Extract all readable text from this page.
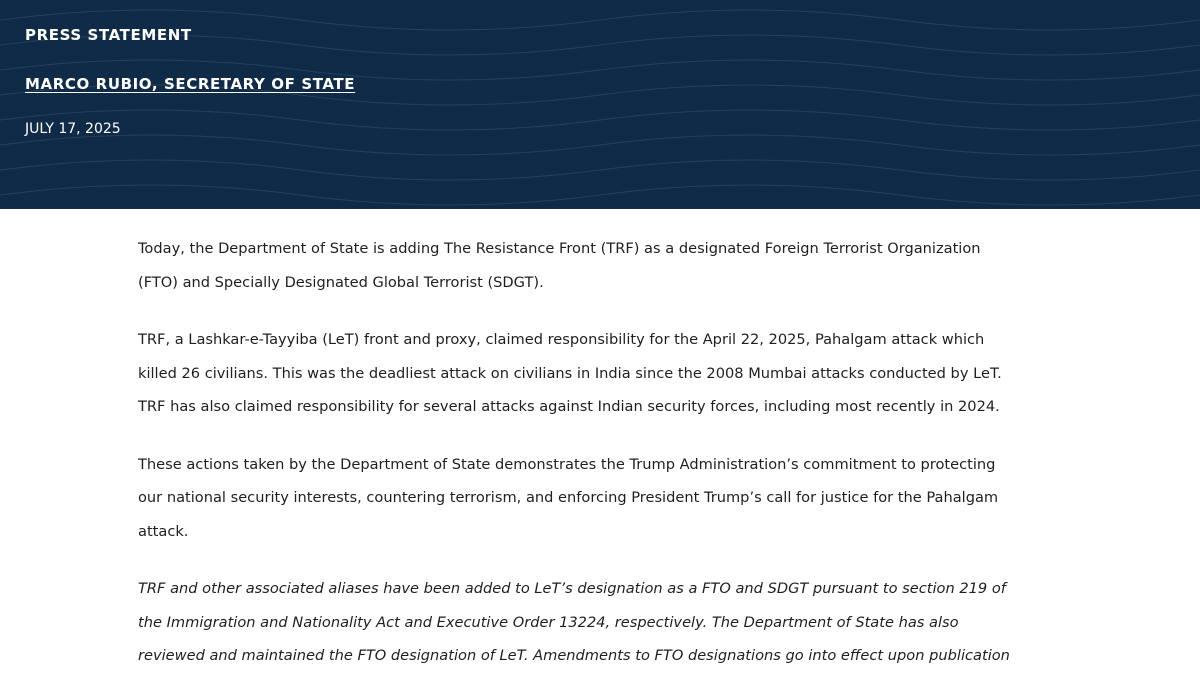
PRESS STATEMENT
MARCO RUBIO, SECRETARY OF STATE
JULY 17, 2025

Today, the Department of State is adding The Resistance Front (TRF) as a designated Foreign Terrorist Organization (FTO) and Specially Designated Global Terrorist (SDGT).

TRF, a Lashkar-e-Tayyiba (LeT) front and proxy, claimed responsibility for the April 22, 2025, Pahalgam attack which killed 26 civilians. This was the deadliest attack on civilians in India since the 2008 Mumbai attacks conducted by LeT. TRF has also claimed responsibility for several attacks against Indian security forces, including most recently in 2024.

These actions taken by the Department of State demonstrates the Trump Administration’s commitment to protecting our national security interests, countering terrorism, and enforcing President Trump’s call for justice for the Pahalgam attack.

TRF and other associated aliases have been added to LeT’s designation as a FTO and SDGT pursuant to section 219 of the Immigration and Nationality Act and Executive Order 13224, respectively. The Department of State has also reviewed and maintained the FTO designation of LeT. Amendments to FTO designations go into effect upon publication
